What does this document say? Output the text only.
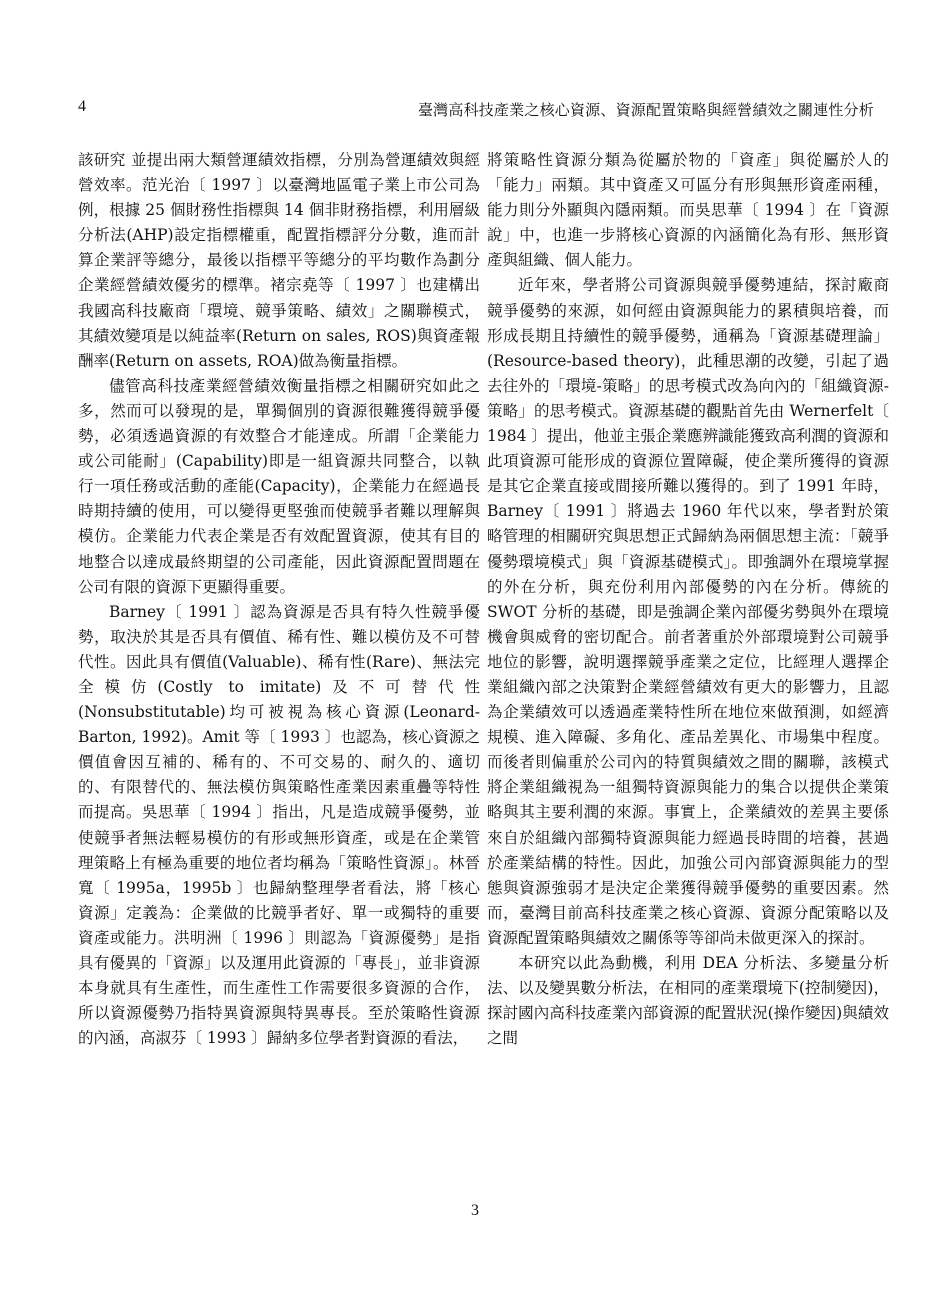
4	臺灣高科技產業之核心資源、資源配置策略與經營績效之關連性分析

該研究 並提出兩大類營運績效指標，分別為營運績效與經營效率。范光治〔 1997 〕以臺灣地區電子業上市公司為例，根據 25 個財務性指標與 14 個非財務指標，利用層級分析法(AHP)設定指標權重，配置指標評分分數，進而計算企業評等總分，最後以指標平等總分的平均數作為劃分企業經營績效優劣的標準。褚宗堯等〔 1997 〕也建構出我國高科技廠商「環境、競爭策略、績效」之關聯模式，其績效變項是以純益率(Return on sales, ROS)與資產報酬率(Return on assets, ROA)做為衡量指標。

儘管高科技產業經營績效衡量指標之相關研究如此之多，然而可以發現的是，單獨個別的資源很難獲得競爭優勢，必須透過資源的有效整合才能達成。所謂「企業能力或公司能耐」(Capability)即是一組資源共同整合，以執行一項任務或活動的產能(Capacity)，企業能力在經過長時期持續的使用，可以變得更堅強而使競爭者難以理解與模仿。企業能力代表企業是否有效配置資源，使其有目的地整合以達成最終期望的公司產能，因此資源配置問題在公司有限的資源下更顯得重要。

Barney〔 1991 〕認為資源是否具有特久性競爭優勢，取決於其是否具有價值、稀有性、難以模仿及不可替代性。因此具有價值(Valuable)、稀有性(Rare)、無法完全模仿(Costly to imitate)及不可替代性(Nonsubstitutable)均可被視為核心資源(Leonard-Barton, 1992)。Amit 等〔 1993 〕也認為，核心資源之價值會因互補的、稀有的、不可交易的、耐久的、適切的、有限替代的、無法模仿與策略性產業因素重疊等特性而提高。吳思華〔 1994 〕指出，凡是造成競爭優勢，並使競爭者無法輕易模仿的有形或無形資產，或是在企業管理策略上有極為重要的地位者均稱為「策略性資源」。林晉寬〔 1995a，1995b 〕也歸納整理學者看法，將「核心資源」定義為：企業做的比競爭者好、單一或獨特的重要資產或能力。洪明洲〔 1996 〕則認為「資源優勢」是指具有優異的「資源」以及運用此資源的「專長」，並非資源本身就具有生產性，而生產性工作需要很多資源的合作，所以資源優勢乃指特異資源與特異專長。至於策略性資源的內涵，高淑芬〔 1993 〕歸納多位學者對資源的看法，

將策略性資源分類為從屬於物的「資產」與從屬於人的「能力」兩類。其中資產又可區分有形與無形資產兩種，能力則分外顯與內隱兩類。而吳思華〔 1994 〕在「資源說」中，也進一步將核心資源的內涵簡化為有形、無形資產與組織、個人能力。

近年來，學者將公司資源與競爭優勢連結，探討廠商競爭優勢的來源，如何經由資源與能力的累積與培養，而形成長期且持續性的競爭優勢，通稱為「資源基礎理論」(Resource-based theory)，此種思潮的改變，引起了過去往外的「環境-策略」的思考模式改為向內的「組織資源-策略」的思考模式。資源基礎的觀點首先由 Wernerfelt〔 1984 〕提出，他並主張企業應辨識能獲致高利潤的資源和此項資源可能形成的資源位置障礙，使企業所獲得的資源是其它企業直接或間接所難以獲得的。到了 1991 年時，Barney〔 1991 〕將過去 1960 年代以來，學者對於策略管理的相關研究與思想正式歸納為兩個思想主流：「競爭優勢環境模式」與「資源基礎模式」。即強調外在環境掌握的外在分析，與充份利用內部優勢的內在分析。傳統的 SWOT 分析的基礎，即是強調企業內部優劣勢與外在環境機會與威脅的密切配合。前者著重於外部環境對公司競爭地位的影響，說明選擇競爭產業之定位，比經理人選擇企業組織內部之決策對企業經營績效有更大的影響力，且認為企業績效可以透過產業特性所在地位來做預測，如經濟規模、進入障礙、多角化、產品差異化、市場集中程度。而後者則偏重於公司內的特質與績效之間的關聯，該模式將企業組織視為一組獨特資源與能力的集合以提供企業策略與其主要利潤的來源。事實上，企業績效的差異主要係來自於組織內部獨特資源與能力經過長時間的培養，甚過於產業結構的特性。因此，加強公司內部資源與能力的型態與資源強弱才是決定企業獲得競爭優勢的重要因素。然而，臺灣目前高科技產業之核心資源、資源分配策略以及資源配置策略與績效之關係等等卻尚未做更深入的探討。

本研究以此為動機，利用 DEA 分析法、多變量分析法、以及變異數分析法，在相同的產業環境下(控制變因)，探討國內高科技產業內部資源的配置狀況(操作變因)與績效之間

3
